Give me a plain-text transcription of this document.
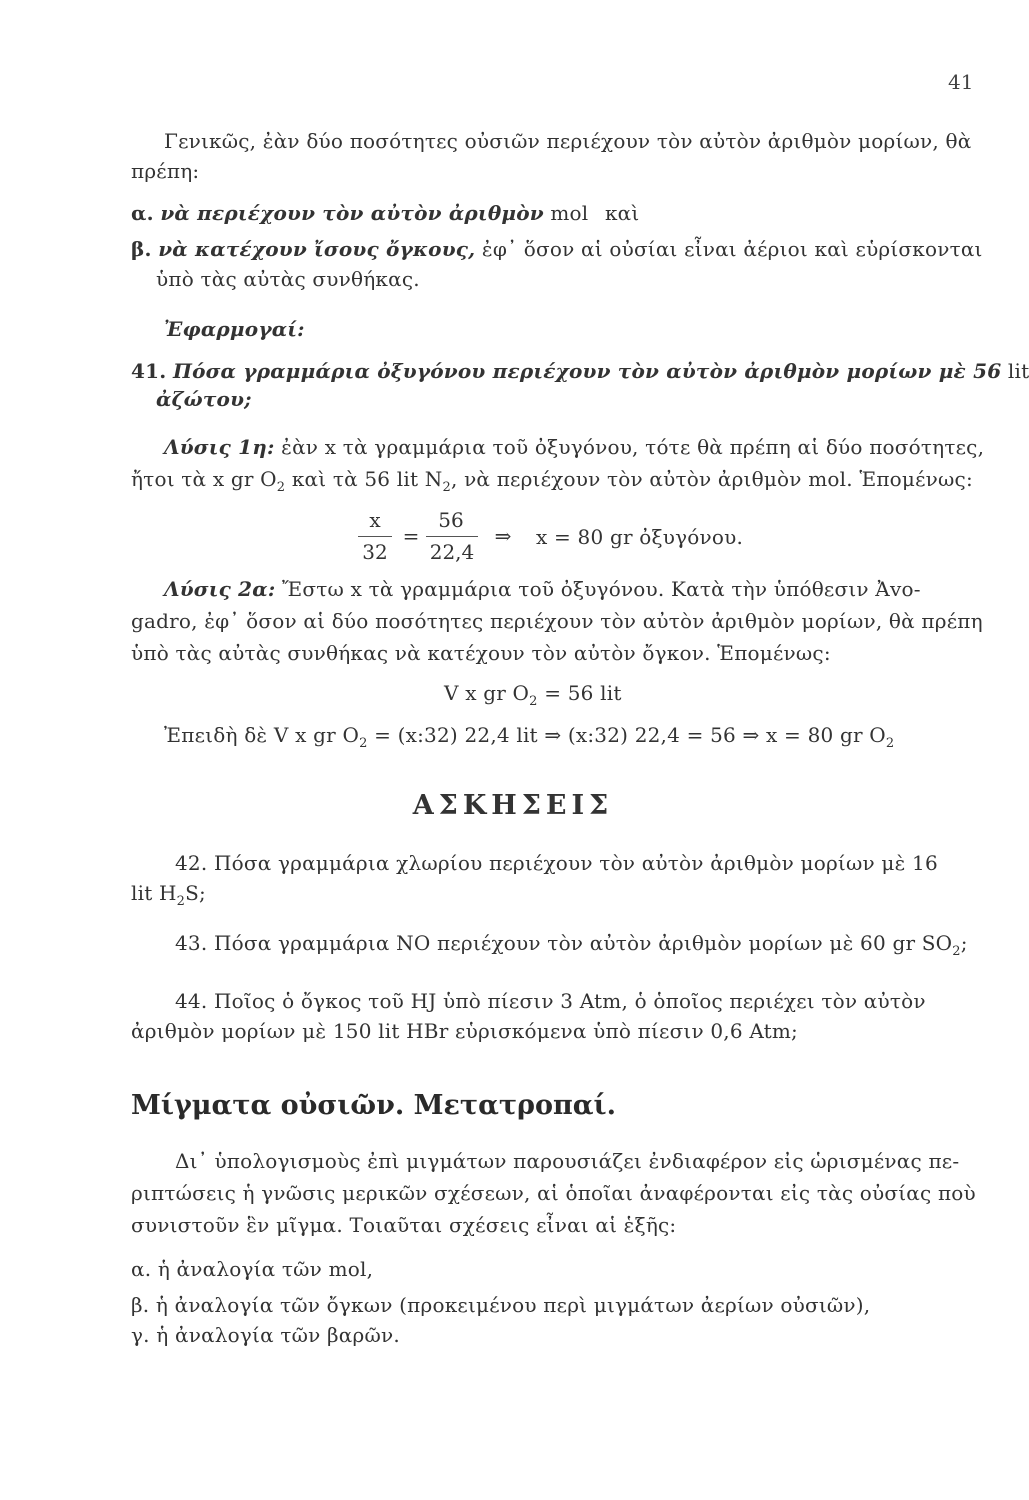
41
Γενικῶς, ἐὰν δύο ποσότητες οὐσιῶν περιέχουν τὸν αὐτὸν ἀριθμὸν μορίων, θὰ
πρέπη:
α. νὰ περιέχουν τὸν αὐτὸν ἀριθμὸν mol καὶ
β. νὰ κατέχουν ἴσους ὄγκους, ἐφ᾽ ὅσον αἱ οὐσίαι εἶναι ἀέριοι καὶ εὑρίσκονται
ὑπὸ τὰς αὐτὰς συνθήκας.
Ἐφαρμογαί:
41. Πόσα γραμμάρια ὀξυγόνου περιέχουν τὸν αὐτὸν ἀριθμὸν μορίων μὲ 56 lit
ἀζώτου;
Λύσις 1η: ἐὰν x τὰ γραμμάρια τοῦ ὀξυγόνου, τότε θὰ πρέπη αἱ δύο ποσότητες,
ἤτοι τὰ x gr $O_2$ καὶ τὰ 56 lit $N_2$, νὰ περιέχουν τὸν αὐτὸν ἀριθμὸν mol. Ἑπομένως:
x
32
=
56
22,4
⇒	x = 80 gr ὀξυγόνου.
Λύσις 2α: Ἔστω x τὰ γραμμάρια τοῦ ὀξυγόνου. Κατὰ τὴν ὑπόθεσιν Ἀvo-
gadro, ἐφ᾽ ὅσον αἱ δύο ποσότητες περιέχουν τὸν αὐτὸν ἀριθμὸν μορίων, θὰ πρέπη
ὑπὸ τὰς αὐτὰς συνθήκας νὰ κατέχουν τὸν αὐτὸν ὄγκον. Ἑπομένως:
V x gr $O_2 = 56$ lit
Ἐπειδὴ δὲ V x gr $O_2$ = (x:32) 22,4 lit ⇒ (x:32) 22,4 = 56 ⇒ x = 80 gr $O_2$
ΑΣΚΗΣΕΙΣ
42. Πόσα γραμμάρια χλωρίου περιέχουν τὸν αὐτὸν ἀριθμὸν μορίων μὲ 16
lit $H_2S$;
43. Πόσα γραμμάρια NO περιέχουν τὸν αὐτὸν ἀριθμὸν μορίων μὲ 60 gr $SO_2$;
44. Ποῖος ὁ ὄγκος τοῦ HJ ὑπὸ πίεσιν 3 Atm, ὁ ὁποῖος περιέχει τὸν αὐτὸν
ἀριθμὸν μορίων μὲ 150 lit HBr εὑρισκόμενα ὑπὸ πίεσιν 0,6 Atm;
Μίγματα οὐσιῶν. Μετατροπαί.
Δι᾽ ὑπολογισμοὺς ἐπὶ μιγμάτων παρουσιάζει ἐνδιαφέρον εἰς ὡρισμένας πε-
ριπτώσεις ἡ γνῶσις μερικῶν σχέσεων, αἱ ὁποῖαι ἀναφέρονται εἰς τὰς οὐσίας ποὺ
συνιστοῦν ἓν μῖγμα. Τοιαῦται σχέσεις εἶναι αἱ ἑξῆς:
α. ἡ ἀναλογία τῶν mol,
β. ἡ ἀναλογία τῶν ὄγκων (προκειμένου περὶ μιγμάτων ἀερίων οὐσιῶν),
γ. ἡ ἀναλογία τῶν βαρῶν.
